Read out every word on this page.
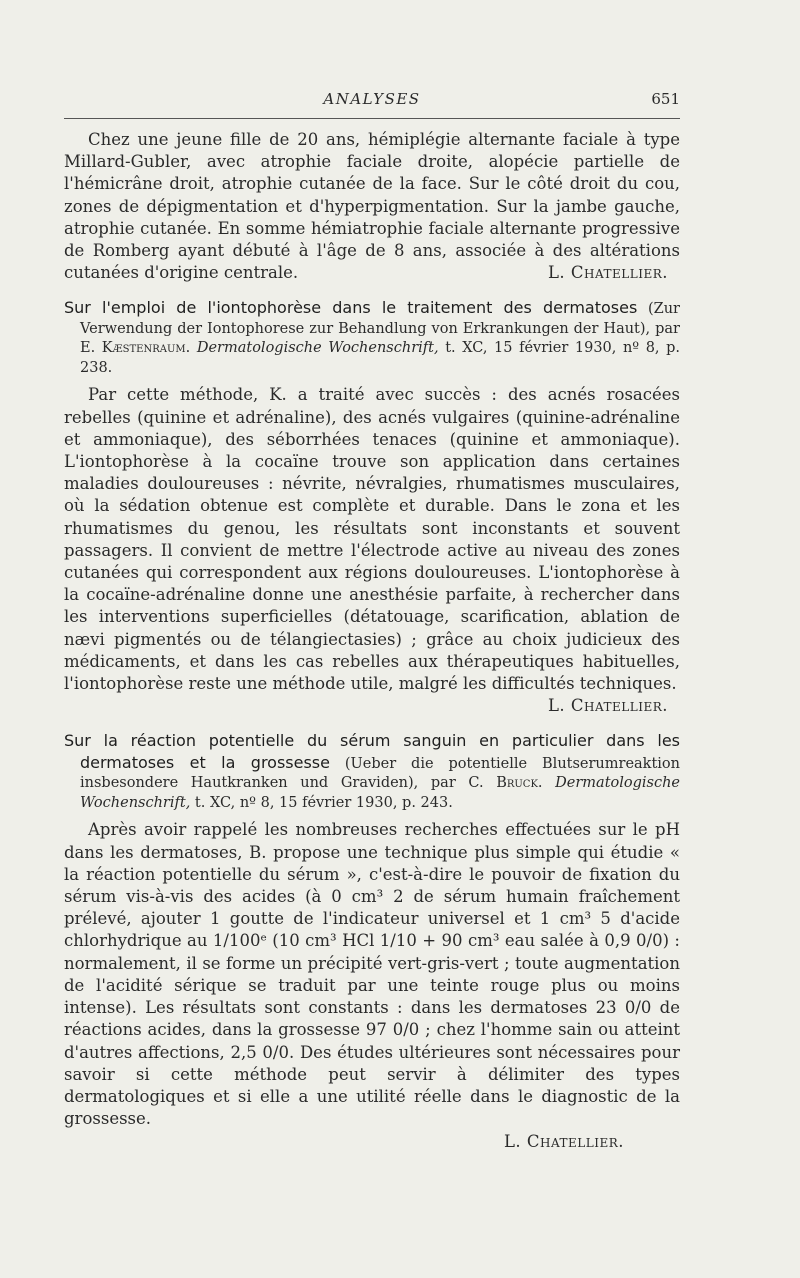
ANALYSES	651

Chez une jeune fille de 20 ans, hémiplégie alternante faciale à type Millard-Gubler, avec atrophie faciale droite, alopécie partielle de l'hémicrâne droit, atrophie cutanée de la face. Sur le côté droit du cou, zones de dépigmentation et d'hyperpigmentation. Sur la jambe gauche, atrophie cutanée. En somme hémiatrophie faciale alternante progressive de Romberg ayant débuté à l'âge de 8 ans, associée à des altérations cutanées d'origine centrale.	L. Chatellier.

Sur l'emploi de l'iontophorèse dans le traitement des dermatoses (Zur Verwendung der Iontophorese zur Behandlung von Erkrankungen der Haut), par E. Kæstenraum. Dermatologische Wochenschrift, t. XC, 15 février 1930, nº 8, p. 238.

Par cette méthode, K. a traité avec succès : des acnés rosacées rebelles (quinine et adrénaline), des acnés vulgaires (quinine-adrénaline et ammoniaque), des séborrhées tenaces (quinine et ammoniaque). L'iontophorèse à la cocaïne trouve son application dans certaines maladies douloureuses : névrite, névralgies, rhumatismes musculaires, où la sédation obtenue est complète et durable. Dans le zona et les rhumatismes du genou, les résultats sont inconstants et souvent passagers. Il convient de mettre l'électrode active au niveau des zones cutanées qui correspondent aux régions douloureuses. L'iontophorèse à la cocaïne-adrénaline donne une anesthésie parfaite, à rechercher dans les interventions superficielles (détatouage, scarification, ablation de nævi pigmentés ou de télangiectasies) ; grâce au choix judicieux des médicaments, et dans les cas rebelles aux thérapeutiques habituelles, l'iontophorèse reste une méthode utile, malgré les difficultés techniques.
L. Chatellier.

Sur la réaction potentielle du sérum sanguin en particulier dans les dermatoses et la grossesse (Ueber die potentielle Blutserumreaktion insbesondere Hautkranken und Graviden), par C. Bruck. Dermatologische Wochenschrift, t. XC, nº 8, 15 février 1930, p. 243.

Après avoir rappelé les nombreuses recherches effectuées sur le pH dans les dermatoses, B. propose une technique plus simple qui étudie « la réaction potentielle du sérum », c'est-à-dire le pouvoir de fixation du sérum vis-à-vis des acides (à 0 cm³ 2 de sérum humain fraîchement prélevé, ajouter 1 goutte de l'indicateur universel et 1 cm³ 5 d'acide chlorhydrique au 1/100ᵉ (10 cm³ HCl 1/10 + 90 cm³ eau salée à 0,9 0/0) : normalement, il se forme un précipité vert-gris-vert ; toute augmentation de l'acidité sérique se traduit par une teinte rouge plus ou moins intense). Les résultats sont constants : dans les dermatoses 23 0/0 de réactions acides, dans la grossesse 97 0/0 ; chez l'homme sain ou atteint d'autres affections, 2,5 0/0. Des études ultérieures sont nécessaires pour savoir si cette méthode peut servir à délimiter des types dermatologiques et si elle a une utilité réelle dans le diagnostic de la grossesse.

L. Chatellier.
